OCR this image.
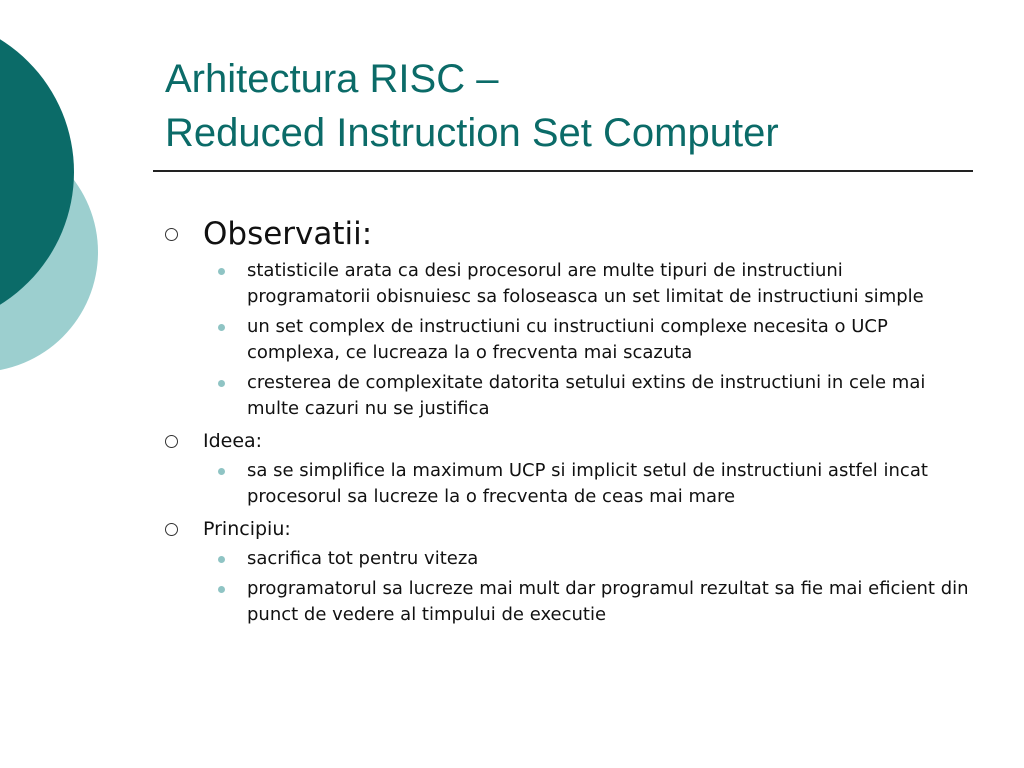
Arhitectura RISC –
Reduced Instruction Set Computer
Observatii:
statisticile arata ca desi procesorul are multe tipuri de instructiuni programatorii obisnuiesc sa foloseasca un set limitat de instructiuni simple
un set complex de instructiuni cu instructiuni complexe necesita o UCP complexa, ce lucreaza la o frecventa mai scazuta
cresterea de complexitate datorita setului extins de instructiuni in cele mai multe cazuri nu se justifica
Ideea:
sa se simplifice la maximum UCP si implicit setul de instructiuni astfel incat procesorul sa lucreze la o frecventa de ceas mai mare
Principiu:
sacrifica tot pentru viteza
programatorul sa lucreze mai mult dar programul rezultat sa fie mai eficient din punct de vedere al timpului de executie
